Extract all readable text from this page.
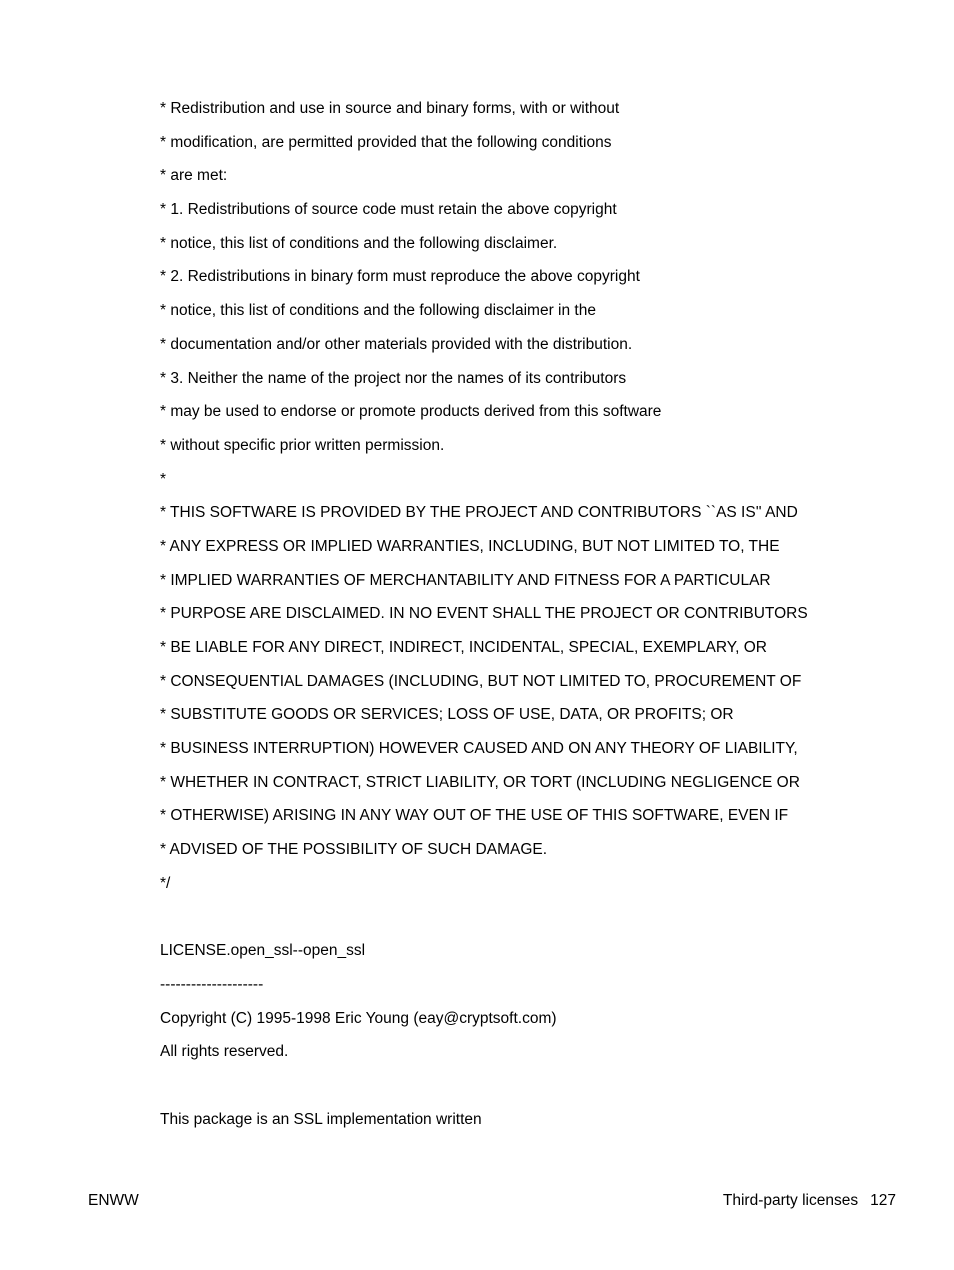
* Redistribution and use in source and binary forms, with or without
* modification, are permitted provided that the following conditions
* are met:
* 1. Redistributions of source code must retain the above copyright
* notice, this list of conditions and the following disclaimer.
* 2. Redistributions in binary form must reproduce the above copyright
* notice, this list of conditions and the following disclaimer in the
* documentation and/or other materials provided with the distribution.
* 3. Neither the name of the project nor the names of its contributors
* may be used to endorse or promote products derived from this software
* without specific prior written permission.
*
* THIS SOFTWARE IS PROVIDED BY THE PROJECT AND CONTRIBUTORS ``AS IS'' AND
* ANY EXPRESS OR IMPLIED WARRANTIES, INCLUDING, BUT NOT LIMITED TO, THE
* IMPLIED WARRANTIES OF MERCHANTABILITY AND FITNESS FOR A PARTICULAR
* PURPOSE ARE DISCLAIMED. IN NO EVENT SHALL THE PROJECT OR CONTRIBUTORS
* BE LIABLE FOR ANY DIRECT, INDIRECT, INCIDENTAL, SPECIAL, EXEMPLARY, OR
* CONSEQUENTIAL DAMAGES (INCLUDING, BUT NOT LIMITED TO, PROCUREMENT OF
* SUBSTITUTE GOODS OR SERVICES; LOSS OF USE, DATA, OR PROFITS; OR
* BUSINESS INTERRUPTION) HOWEVER CAUSED AND ON ANY THEORY OF LIABILITY,
* WHETHER IN CONTRACT, STRICT LIABILITY, OR TORT (INCLUDING NEGLIGENCE OR
* OTHERWISE) ARISING IN ANY WAY OUT OF THE USE OF THIS SOFTWARE, EVEN IF
* ADVISED OF THE POSSIBILITY OF SUCH DAMAGE.
*/
LICENSE.open_ssl--open_ssl
--------------------
Copyright (C) 1995-1998 Eric Young (eay@cryptsoft.com)
All rights reserved.
This package is an SSL implementation written
ENWW	Third-party licenses 127
